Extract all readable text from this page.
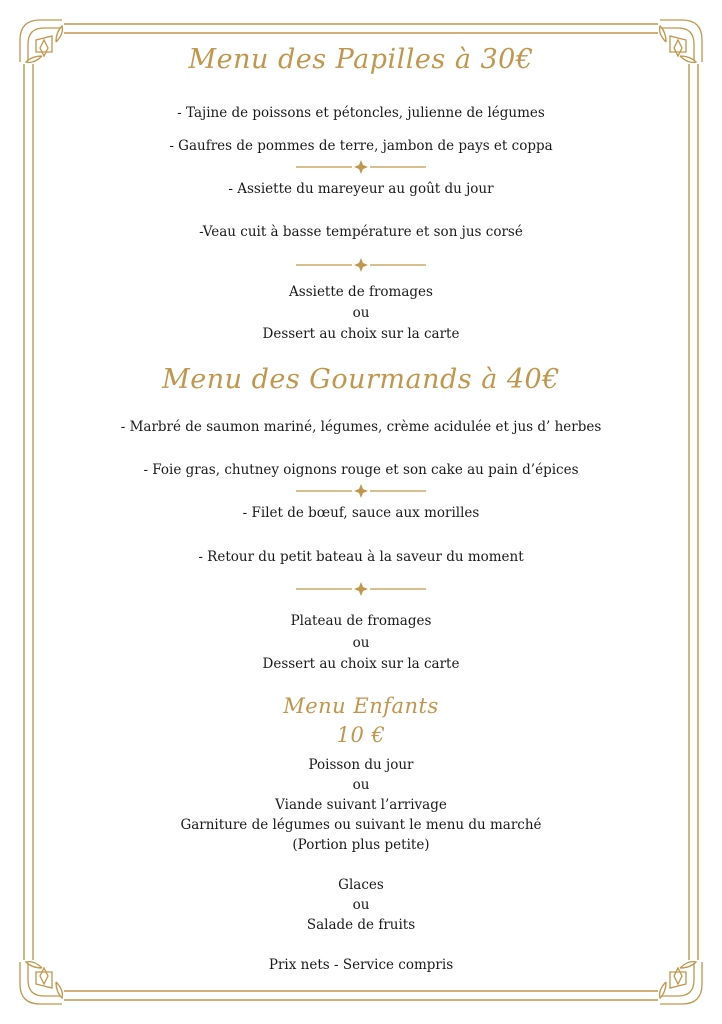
Menu des Papilles à 30€
- Tajine de poissons et pétoncles, julienne de légumes
- Gaufres de pommes de terre, jambon de pays et coppa
- Assiette du mareyeur au goût du jour
-Veau cuit à basse température et son jus corsé
Assiette de fromages
ou
Dessert au choix sur la carte
Menu des Gourmands à 40€
- Marbré de saumon mariné, légumes, crème acidulée et jus d’ herbes
- Foie gras, chutney oignons rouge et son cake au pain d’épices
- Filet de bœuf, sauce aux morilles
- Retour du petit bateau à la saveur du moment
Plateau de fromages
ou
Dessert au choix sur la carte
Menu Enfants
10 €
Poisson du jour
ou
Viande suivant l’arrivage
Garniture de légumes ou suivant le menu du marché
(Portion plus petite)
Glaces
ou
Salade de fruits
Prix nets - Service compris
